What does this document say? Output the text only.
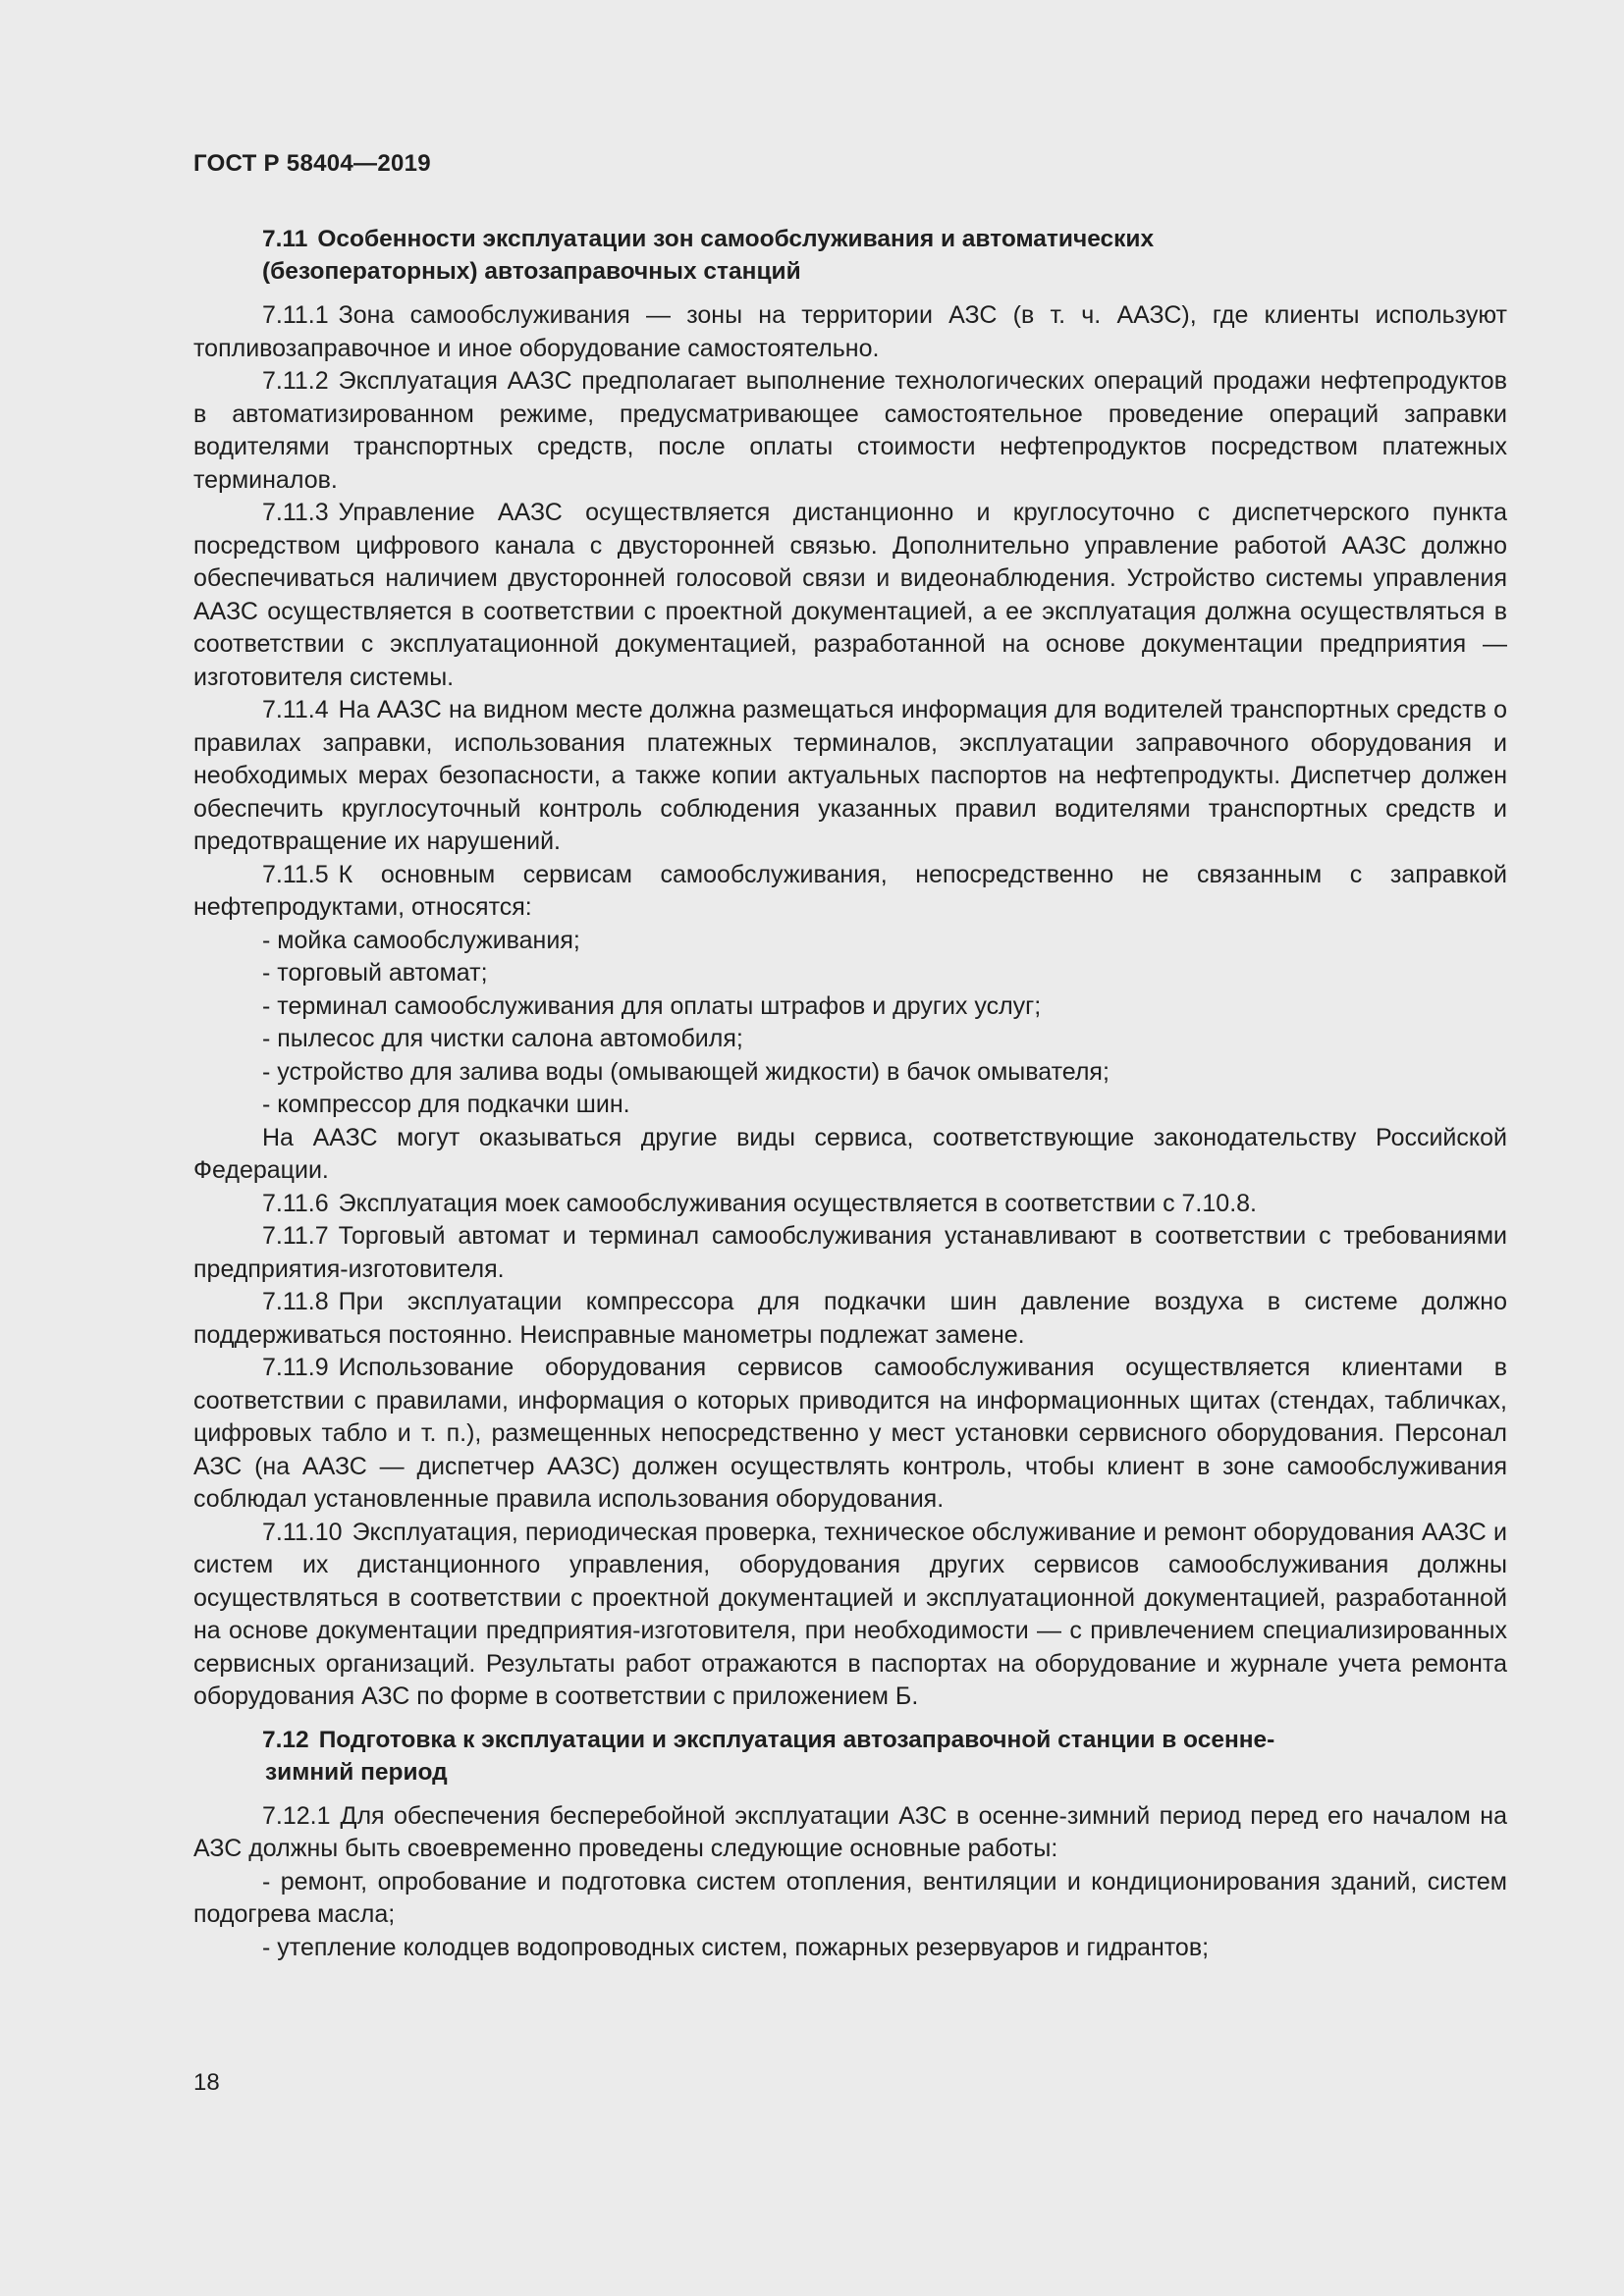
ГОСТ Р 58404—2019
7.11 Особенности эксплуатации зон самообслуживания и автоматических
(безоператорных) автозаправочных станций

7.11.1 Зона самообслуживания — зоны на территории АЗС (в т. ч. ААЗС), где клиенты используют топливозаправочное и иное оборудование самостоятельно.

7.11.2 Эксплуатация ААЗС предполагает выполнение технологических операций продажи нефтепродуктов в автоматизированном режиме, предусматривающее самостоятельное проведение операций заправки водителями транспортных средств, после оплаты стоимости нефтепродуктов посредством платежных терминалов.

7.11.3 Управление ААЗС осуществляется дистанционно и круглосуточно с диспетчерского пункта посредством цифрового канала с двусторонней связью. Дополнительно управление работой ААЗС должно обеспечиваться наличием двусторонней голосовой связи и видеонаблюдения. Устройство системы управления ААЗС осуществляется в соответствии с проектной документацией, а ее эксплуатация должна осуществляться в соответствии с эксплуатационной документацией, разработанной на основе документации предприятия — изготовителя системы.

7.11.4 На ААЗС на видном месте должна размещаться информация для водителей транспортных средств о правилах заправки, использования платежных терминалов, эксплуатации заправочного оборудования и необходимых мерах безопасности, а также копии актуальных паспортов на нефтепродукты. Диспетчер должен обеспечить круглосуточный контроль соблюдения указанных правил водителями транспортных средств и предотвращение их нарушений.

7.11.5 К основным сервисам самообслуживания, непосредственно не связанным с заправкой нефтепродуктами, относятся:

- мойка самообслуживания;

- торговый автомат;

- терминал самообслуживания для оплаты штрафов и других услуг;

- пылесос для чистки салона автомобиля;

- устройство для залива воды (омывающей жидкости) в бачок омывателя;

- компрессор для подкачки шин.

На ААЗС могут оказываться другие виды сервиса, соответствующие законодательству Российской Федерации.

7.11.6 Эксплуатация моек самообслуживания осуществляется в соответствии с 7.10.8.

7.11.7 Торговый автомат и терминал самообслуживания устанавливают в соответствии с требованиями предприятия-изготовителя.

7.11.8 При эксплуатации компрессора для подкачки шин давление воздуха в системе должно поддерживаться постоянно. Неисправные манометры подлежат замене.

7.11.9 Использование оборудования сервисов самообслуживания осуществляется клиентами в соответствии с правилами, информация о которых приводится на информационных щитах (стендах, табличках, цифровых табло и т. п.), размещенных непосредственно у мест установки сервисного оборудования. Персонал АЗС (на ААЗС — диспетчер ААЗС) должен осуществлять контроль, чтобы клиент в зоне самообслуживания соблюдал установленные правила использования оборудования.

7.11.10 Эксплуатация, периодическая проверка, техническое обслуживание и ремонт оборудования ААЗС и систем их дистанционного управления, оборудования других сервисов самообслуживания должны осуществляться в соответствии с проектной документацией и эксплуатационной документацией, разработанной на основе документации предприятия-изготовителя, при необходимости — с привлечением специализированных сервисных организаций. Результаты работ отражаются в паспортах на оборудование и журнале учета ремонта оборудования АЗС по форме в соответствии с приложением Б.

7.12 Подготовка к эксплуатации и эксплуатация автозаправочной станции в осенне-
зимний период

7.12.1 Для обеспечения бесперебойной эксплуатации АЗС в осенне-зимний период перед его началом на АЗС должны быть своевременно проведены следующие основные работы:

- ремонт, опробование и подготовка систем отопления, вентиляции и кондиционирования зданий, систем подогрева масла;

- утепление колодцев водопроводных систем, пожарных резервуаров и гидрантов;

18
